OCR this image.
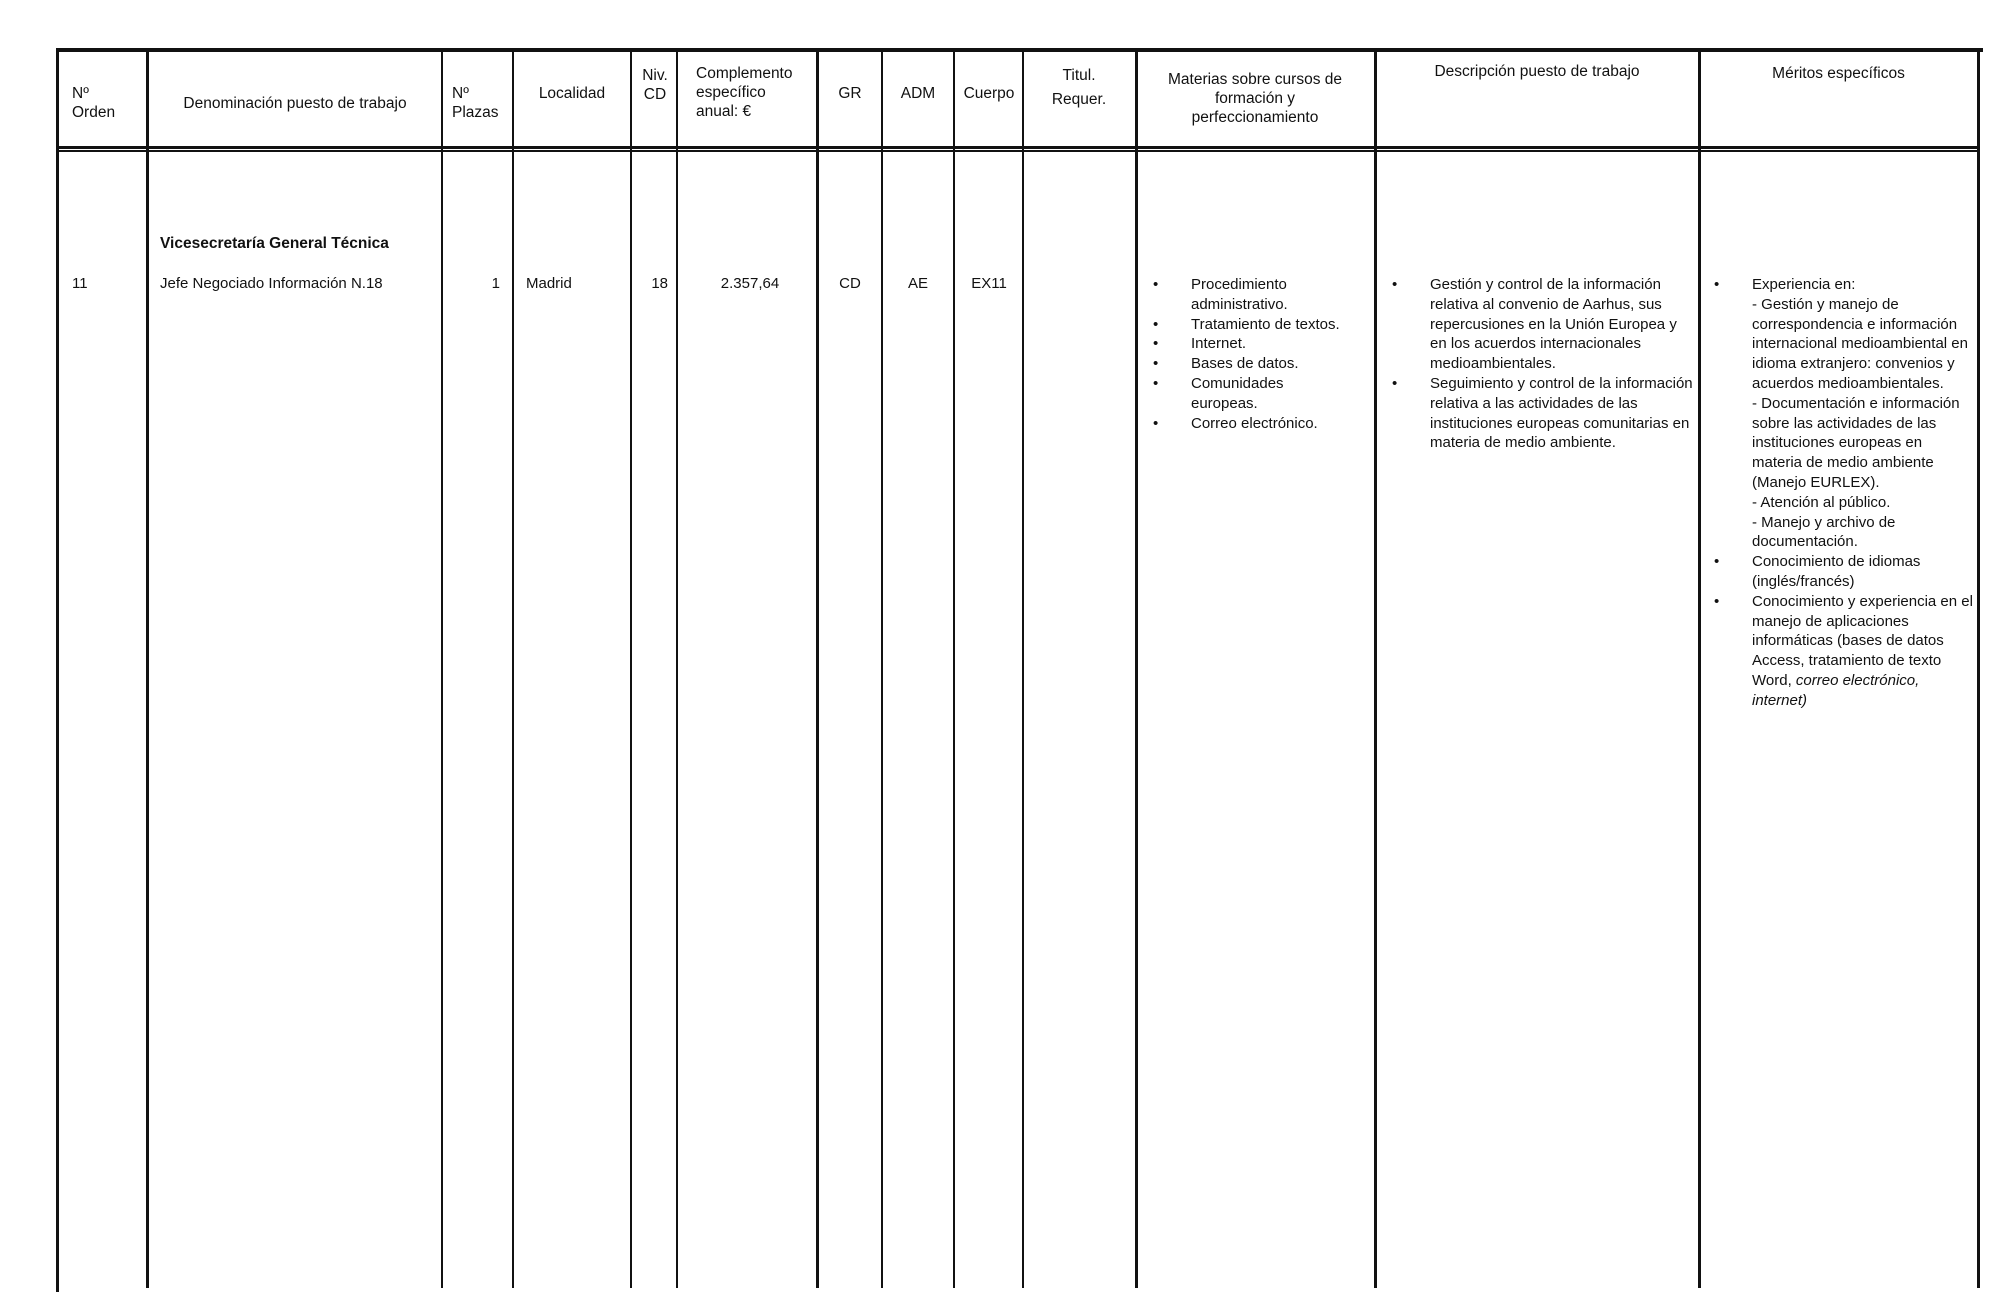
Nº
Orden
Denominación puesto de trabajo
Nº
Plazas
Localidad
Niv.
CD
Complemento
específico
anual: €
GR	ADM	Cuerpo
Titul.
Requer.
Materias sobre cursos de
formación y
perfeccionamiento
Descripción puesto de trabajo	Méritos específicos
Vicesecretaría General Técnica
11	Jefe Negociado Información N.18	1 Madrid	18	2.357,64	CD	AE	EX11
•	Procedimiento administrativo.
• Tratamiento de textos.
• Internet.
• Bases de datos.
• Comunidades europeas.
• Correo electrónico.
• Gestión y control de la información relativa al convenio de Aarhus, sus repercusiones en la Unión Europea y en los acuerdos internacionales medioambientales.
• Seguimiento y control de la información relativa a las actividades de las instituciones europeas comunitarias en materia de medio ambiente.
• Experiencia en:
- Gestión y manejo de correspondencia e información internacional medioambiental en idioma extranjero: convenios y acuerdos medioambientales.
- Documentación e información sobre las actividades de las instituciones europeas en materia de medio ambiente (Manejo EURLEX).
- Atención al público.
- Manejo y archivo de documentación.
• Conocimiento de idiomas (inglés/francés)
• Conocimiento y experiencia en el manejo de aplicaciones informáticas (bases de datos Access, tratamiento de texto Word, correo electrónico, internet)
